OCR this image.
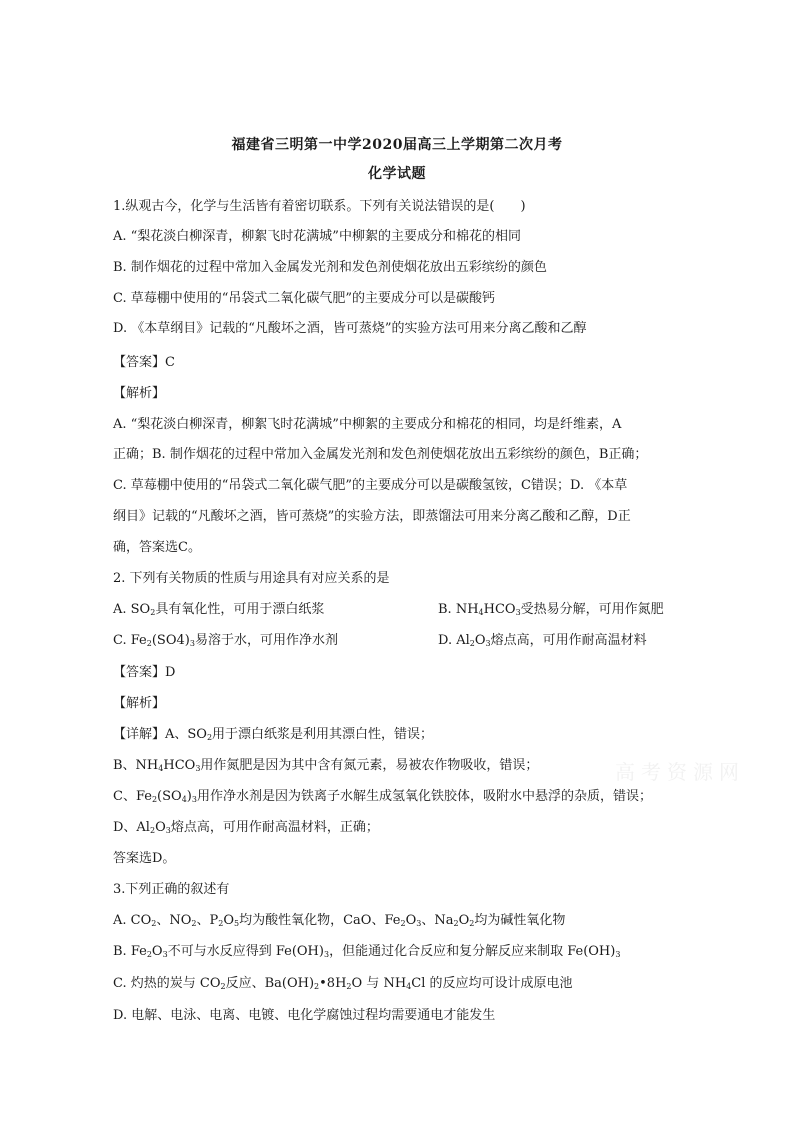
福建省三明第一中学2020届高三上学期第二次月考
化学试题
1.纵观古今，化学与生活皆有着密切联系。下列有关说法错误的是(　　)
A. “梨花淡白柳深青，柳絮飞时花满城”中柳絮的主要成分和棉花的相同
B. 制作烟花的过程中常加入金属发光剂和发色剂使烟花放出五彩缤纷的颜色
C. 草莓棚中使用的“吊袋式二氧化碳气肥”的主要成分可以是碳酸钙
D. 《本草纲目》记载的“凡酸坏之酒，皆可蒸烧”的实验方法可用来分离乙酸和乙醇
【答案】C
【解析】
A. “梨花淡白柳深青，柳絮飞时花满城”中柳絮的主要成分和棉花的相同，均是纤维素，A
正确；B. 制作烟花的过程中常加入金属发光剂和发色剂使烟花放出五彩缤纷的颜色，B正确；
C. 草莓棚中使用的“吊袋式二氧化碳气肥”的主要成分可以是碳酸氢铵，C错误；D. 《本草
纲目》记载的“凡酸坏之酒，皆可蒸烧”的实验方法，即蒸馏法可用来分离乙酸和乙醇，D正
确，答案选C。
2. 下列有关物质的性质与用途具有对应关系的是
A. $SO_2$具有氧化性，可用于漂白纸浆	B. $NH_4HCO_3$受热易分解，可用作氮肥
C. $Fe_2(SO4)_3$易溶于水，可用作净水剂	D. $Al_2O_3$熔点高，可用作耐高温材料
【答案】D
【解析】
【详解】A、$SO_2$用于漂白纸浆是利用其漂白性，错误；
B、$NH_4HCO_3$用作氮肥是因为其中含有氮元素，易被农作物吸收，错误；
C、$Fe_2(SO_4)_3$用作净水剂是因为铁离子水解生成氢氧化铁胶体，吸附水中悬浮的杂质，错误；
D、$Al_2O_3$熔点高，可用作耐高温材料，正确；
答案选D。
3.下列正确的叙述有
A. $CO_2$、$NO_2$、$P_2O_5$均为酸性氧化物，CaO、$Fe_2O_3$、$Na_2O_2$均为碱性氧化物
B. $Fe_2O_3$不可与水反应得到 $Fe(OH)_3$，但能通过化合反应和复分解反应来制取 $Fe(OH)_3$
C. 灼热的炭与 $CO_2$反应、$Ba(OH)_2•8H_2O$ 与 $NH_4Cl$ 的反应均可设计成原电池
D. 电解、电泳、电离、电镀、电化学腐蚀过程均需要通电才能发生
高考资源网
